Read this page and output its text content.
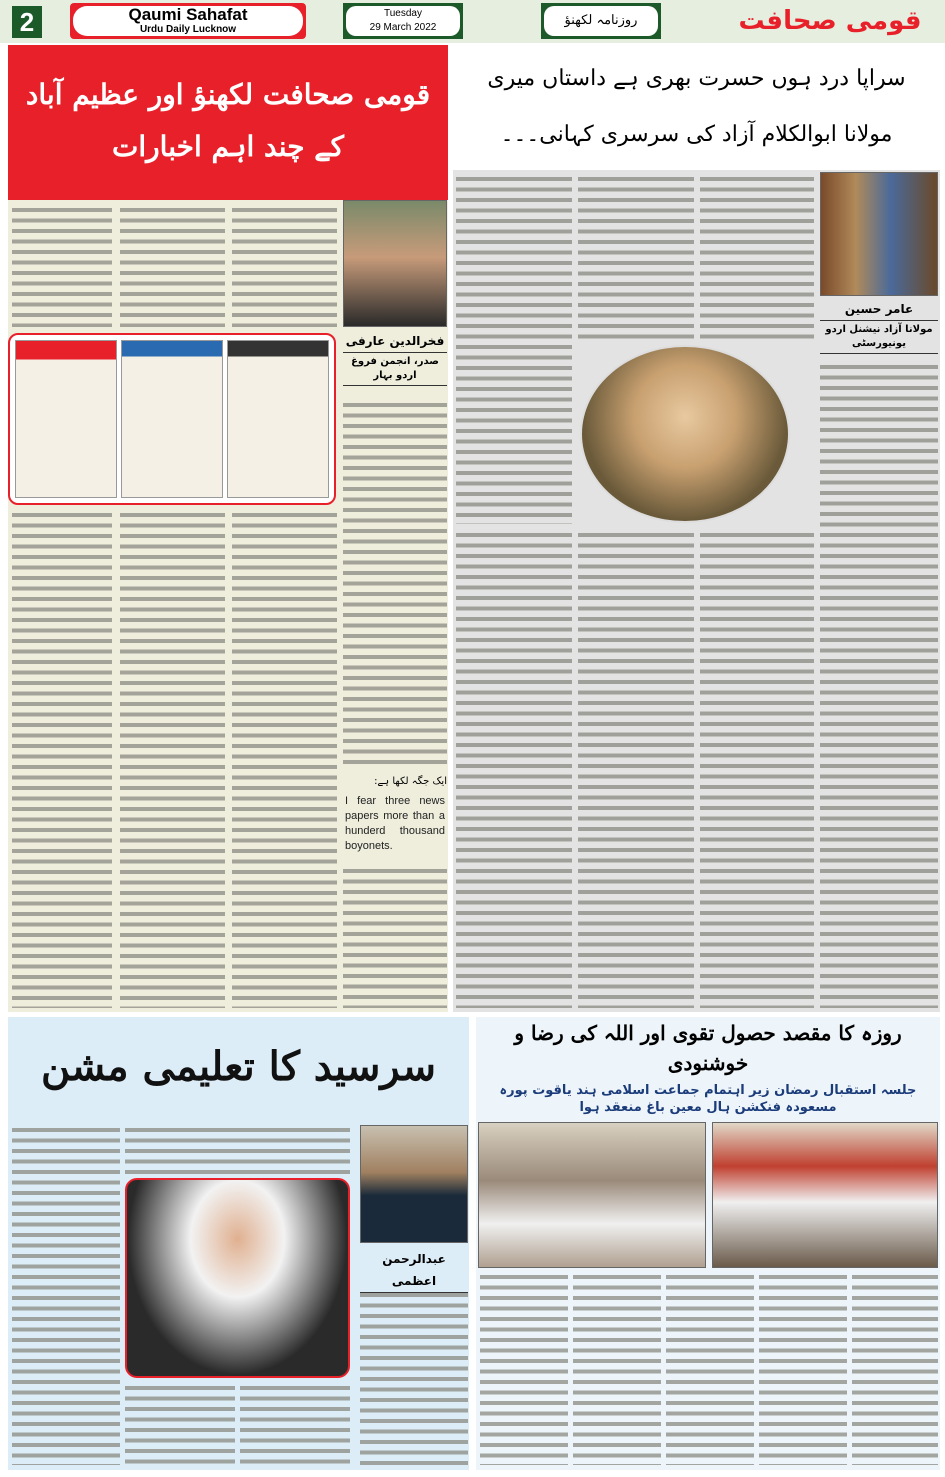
2	Qaumi Sahafat
Urdu Daily Lucknow
Tuesday
29 March 2022	روزنامہ لکھنؤ	قومی صحافت
قومی صحافت لکھنؤ اور عظیم آباد کے چند اہم اخبارات
فخرالدین عارفی
صدر، انجمن فروغ اردو بہار
ایک جگہ لکھا ہے:
I fear three news papers more than a hunderd thousand boyonets.
سراپا درد ہوں حسرت بھری ہے داستاں میری
مولانا ابوالکلام آزاد کی سرسری کہانی۔۔۔
عامر حسین
مولانا آزاد نیشنل اردو یونیورسٹی
سرسید کا تعلیمی مشن
عبدالرحمن اعظمی
روزہ کا مقصد حصول تقوی اور اللہ کی رضا و خوشنودی
جلسہ استقبال رمضان زیر اہتمام جماعت اسلامی ہند یاقوت پورہ مسعودہ فنکشن ہال معین باغ منعقد ہوا
